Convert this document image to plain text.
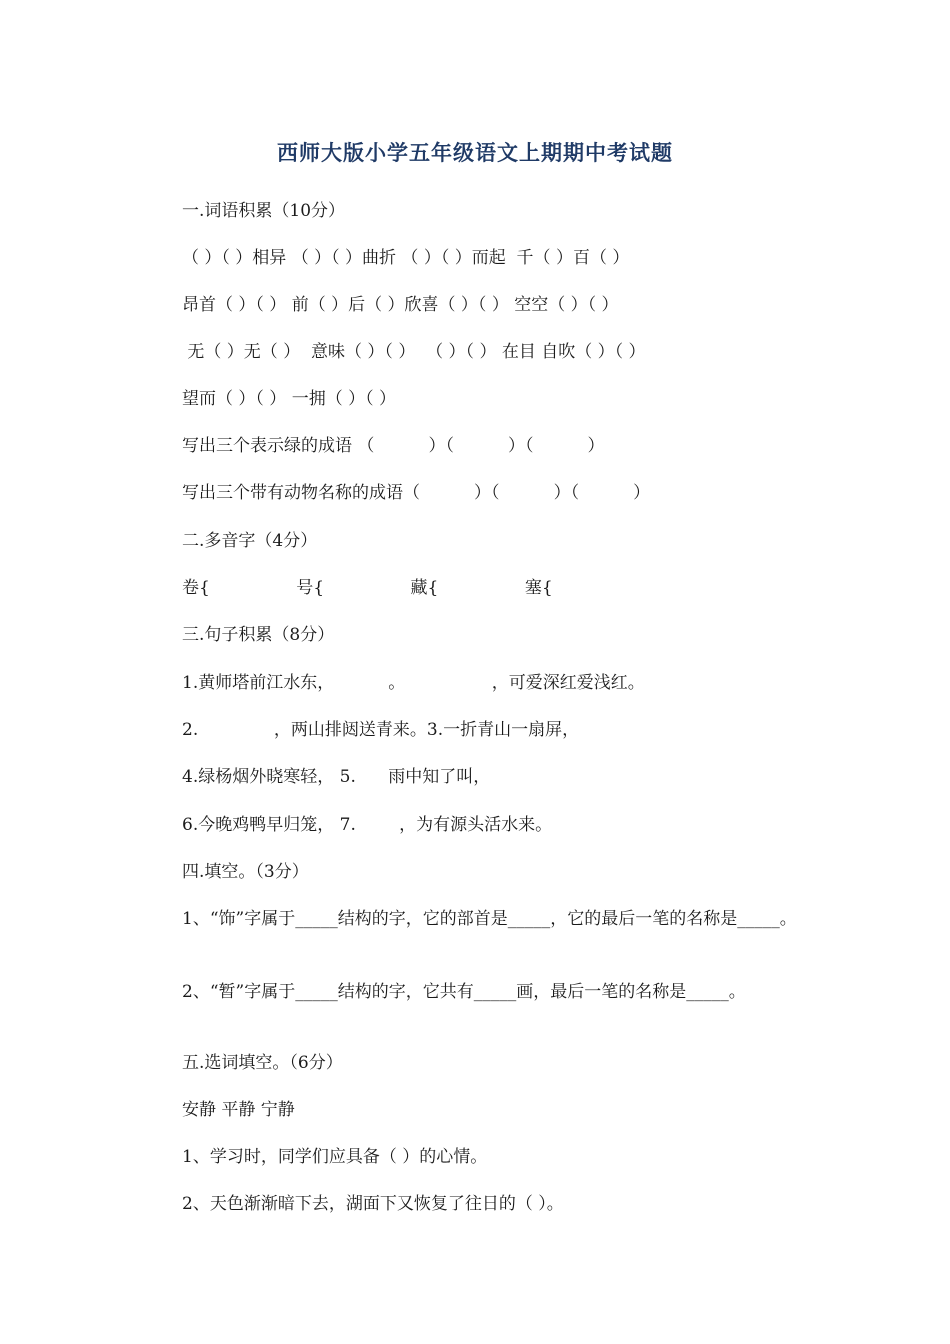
西师大版小学五年级语文上期期中考试题
一.词语积累（10分）
（ ）（ ）相异 （ ）（ ）曲折 （ ）（ ）而起  千（ ）百（ ）
昂首（ ）（ ） 前（ ）后（ ）欣喜（ ）（ ） 空空（ ）（ ）
无（ ）无（ ）  意味（ ）（ ）  （ ）（ ） 在目 自吹（ ）（ ）
望而（ ）（ ） 一拥（ ）（ ）
写出三个表示绿的成语 （          ）（          ）（          ）
写出三个带有动物名称的成语（          ）（          ）（          ）
二.多音字（4分）
卷{                号{                藏{                塞{
三.句子积累（8分）
1.黄师塔前江水东，          。                ，可爱深红爱浅红。
2.              ，两山排闼送青来。3.一折青山一扇屏，
4.绿杨烟外晓寒轻， 5.      雨中知了叫，
6.今晚鸡鸭早归笼， 7.        ，为有源头活水来。
四.填空。（3分）
1、“饰”字属于_____结构的字，它的部首是_____，它的最后一笔的名称是_____。
2、“暂”字属于_____结构的字，它共有_____画，最后一笔的名称是_____。
五.选词填空。（6分）
安静 平静 宁静
1、学习时，同学们应具备（ ）的心情。
2、天色渐渐暗下去，湖面下又恢复了往日的（ ）。
